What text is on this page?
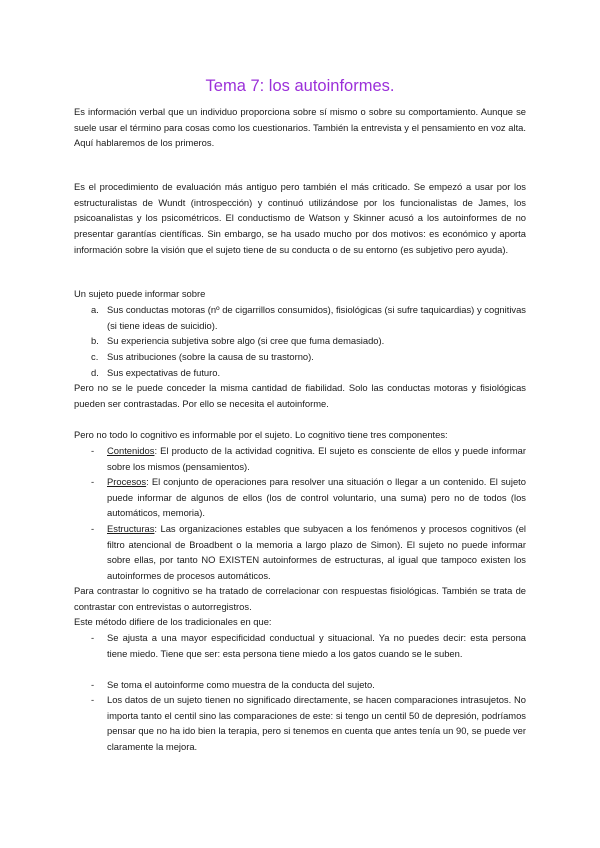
Tema 7: los autoinformes.

Es información verbal que un individuo proporciona sobre sí mismo o sobre su comportamiento. Aunque se suele usar el término para cosas como los cuestionarios. También la entrevista y el pensamiento en voz alta. Aquí hablaremos de los primeros.

Es el procedimiento de evaluación más antiguo pero también el más criticado. Se empezó a usar por los estructuralistas de Wundt (introspección) y continuó utilizándose por los funcionalistas de James, los psicoanalistas y los psicométricos. El conductismo de Watson y Skinner acusó a los autoinformes de no presentar garantías científicas. Sin embargo, se ha usado mucho por dos motivos: es económico y aporta información sobre la visión que el sujeto tiene de su conducta o de su entorno (es subjetivo pero ayuda).

Un sujeto puede informar sobre

a. Sus conductas motoras (nº de cigarrillos consumidos), fisiológicas (si sufre taquicardias) y cognitivas (si tiene ideas de suicidio).

b. Su experiencia subjetiva sobre algo (si cree que fuma demasiado).

c. Sus atribuciones (sobre la causa de su trastorno).

d. Sus expectativas de futuro.

Pero no se le puede conceder la misma cantidad de fiabilidad. Solo las conductas motoras y fisiológicas pueden ser contrastadas. Por ello se necesita el autoinforme.

Pero no todo lo cognitivo es informable por el sujeto. Lo cognitivo tiene tres componentes:

- Contenidos: El producto de la actividad cognitiva. El sujeto es consciente de ellos y puede informar sobre los mismos (pensamientos).

- Procesos: El conjunto de operaciones para resolver una situación o llegar a un contenido. El sujeto puede informar de algunos de ellos (los de control voluntario, una suma) pero no de todos (los automáticos, memoria).

- Estructuras: Las organizaciones estables que subyacen a los fenómenos y procesos cognitivos (el filtro atencional de Broadbent o la memoria a largo plazo de Simon). El sujeto no puede informar sobre ellas, por tanto NO EXISTEN autoinformes de estructuras, al igual que tampoco existen los autoinformes de procesos automáticos.

Para contrastar lo cognitivo se ha tratado de correlacionar con respuestas fisiológicas. También se trata de contrastar con entrevistas o autorregistros.

Este método difiere de los tradicionales en que:

- Se ajusta a una mayor especificidad conductual y situacional. Ya no puedes decir: esta persona tiene miedo. Tiene que ser: esta persona tiene miedo a los gatos cuando se le suben.

- Se toma el autoinforme como muestra de la conducta del sujeto.

- Los datos de un sujeto tienen no significado directamente, se hacen comparaciones intrasujetos. No importa tanto el centil sino las comparaciones de este: si tengo un centil 50 de depresión, podríamos pensar que no ha ido bien la terapia, pero si tenemos en cuenta que antes tenía un 90, se puede ver claramente la mejora.
